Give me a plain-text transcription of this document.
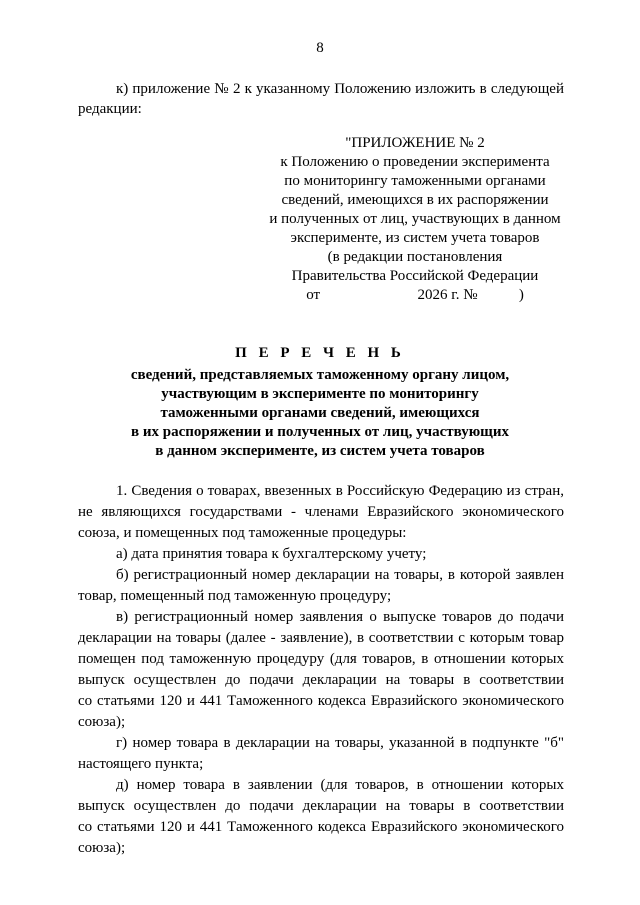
8
к) приложение № 2 к указанному Положению изложить в следующей
редакции:
"ПРИЛОЖЕНИЕ № 2
к Положению о проведении эксперимента
по мониторингу таможенными органами
сведений, имеющихся в их распоряжении
и полученных от лиц, участвующих в данном
эксперименте, из систем учета товаров
(в редакции постановления
Правительства Российской Федерации
от                          2026 г. №           )
П Е Р Е Ч Е Н Ь
сведений, представляемых таможенному органу лицом,
участвующим в эксперименте по мониторингу
таможенными органами сведений, имеющихся
в их распоряжении и полученных от лиц, участвующих
в данном эксперименте, из систем учета товаров
1. Сведения о товарах, ввезенных в Российскую Федерацию из стран,
не являющихся государствами - членами Евразийского экономического
союза, и помещенных под таможенные процедуры:
а) дата принятия товара к бухгалтерскому учету;
б) регистрационный номер декларации на товары, в которой заявлен
товар, помещенный под таможенную процедуру;
в) регистрационный номер заявления о выпуске товаров до подачи
декларации на товары (далее - заявление), в соответствии с которым товар
помещен под таможенную процедуру (для товаров, в отношении которых
выпуск осуществлен до подачи декларации на товары в соответствии
со статьями 120 и 441 Таможенного кодекса Евразийского экономического
союза);
г) номер товара в декларации на товары, указанной в подпункте "б"
настоящего пункта;
д) номер товара в заявлении (для товаров, в отношении которых
выпуск осуществлен до подачи декларации на товары в соответствии
со статьями 120 и 441 Таможенного кодекса Евразийского экономического
союза);
